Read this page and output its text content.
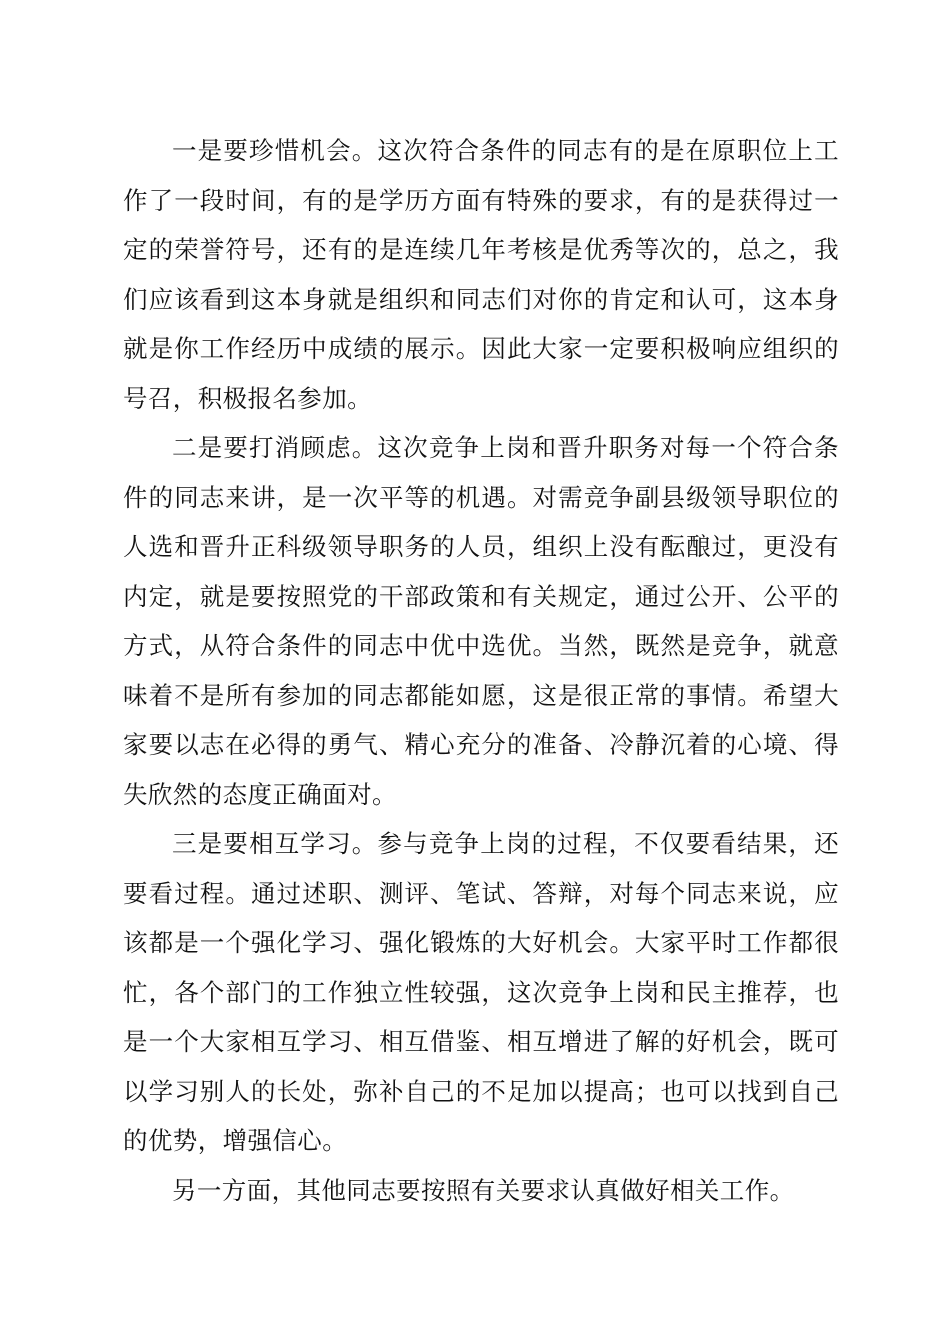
一是要珍惜机会。这次符合条件的同志有的是在原职位上工作了一段时间，有的是学历方面有特殊的要求，有的是获得过一定的荣誉符号，还有的是连续几年考核是优秀等次的，总之，我们应该看到这本身就是组织和同志们对你的肯定和认可，这本身就是你工作经历中成绩的展示。因此大家一定要积极响应组织的号召，积极报名参加。

二是要打消顾虑。这次竞争上岗和晋升职务对每一个符合条件的同志来讲，是一次平等的机遇。对需竞争副县级领导职位的人选和晋升正科级领导职务的人员，组织上没有酝酿过，更没有内定，就是要按照党的干部政策和有关规定，通过公开、公平的方式，从符合条件的同志中优中选优。当然，既然是竞争，就意味着不是所有参加的同志都能如愿，这是很正常的事情。希望大家要以志在必得的勇气、精心充分的准备、冷静沉着的心境、得失欣然的态度正确面对。

三是要相互学习。参与竞争上岗的过程，不仅要看结果，还要看过程。通过述职、测评、笔试、答辩，对每个同志来说，应该都是一个强化学习、强化锻炼的大好机会。大家平时工作都很忙，各个部门的工作独立性较强，这次竞争上岗和民主推荐，也是一个大家相互学习、相互借鉴、相互增进了解的好机会，既可以学习别人的长处，弥补自己的不足加以提高；也可以找到自己的优势，增强信心。

另一方面，其他同志要按照有关要求认真做好相关工作。
